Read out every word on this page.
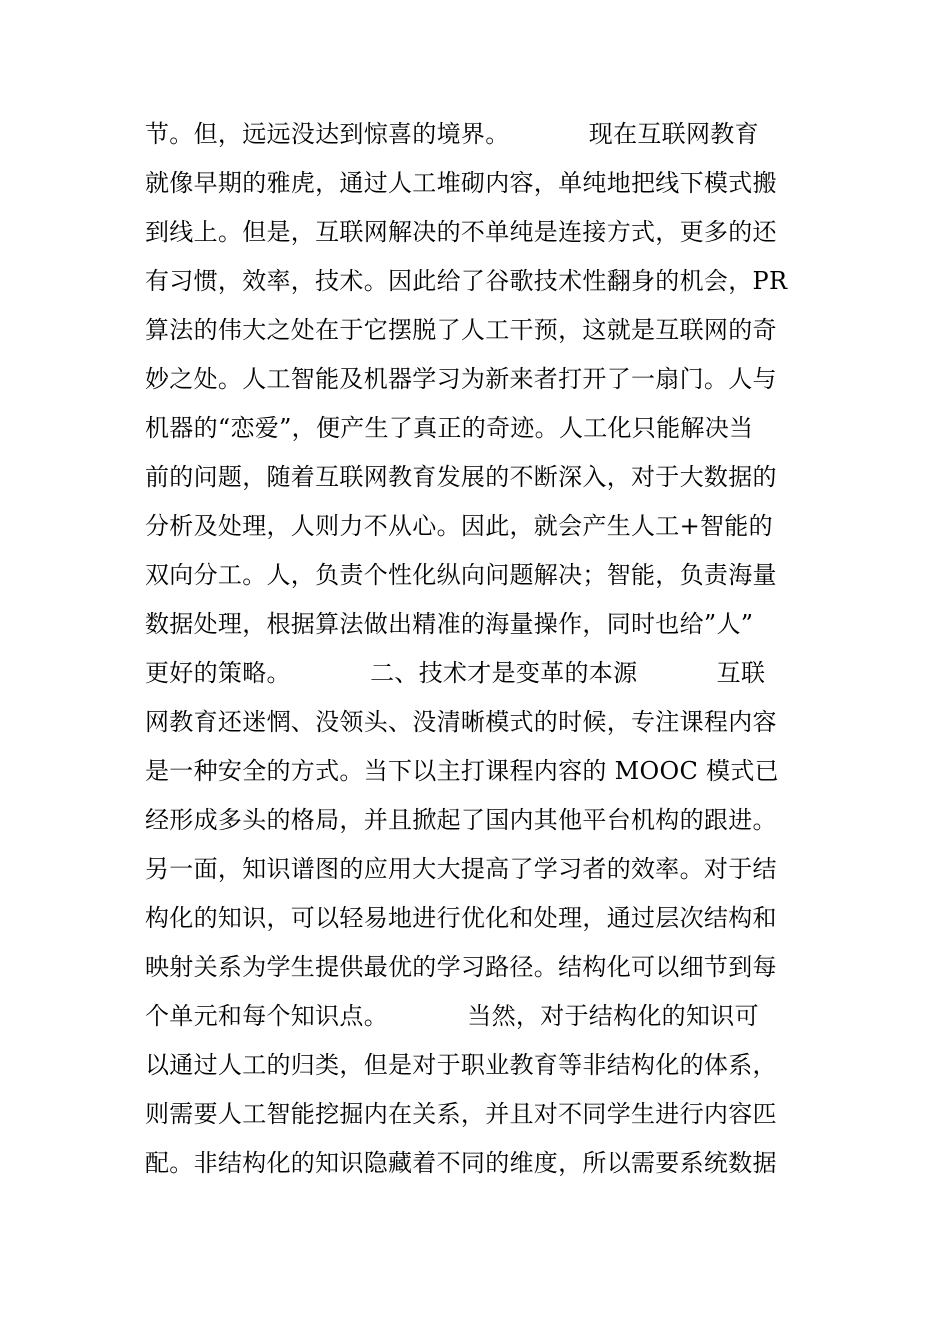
节。但，远远没达到惊喜的境界。          现在互联网教育
就像早期的雅虎，通过人工堆砌内容，单纯地把线下模式搬
到线上。但是，互联网解决的不单纯是连接方式，更多的还
有习惯，效率，技术。因此给了谷歌技术性翻身的机会，PR
算法的伟大之处在于它摆脱了人工干预，这就是互联网的奇
妙之处。人工智能及机器学习为新来者打开了一扇门。人与
机器的“恋爱”，便产生了真正的奇迹。人工化只能解决当
前的问题，随着互联网教育发展的不断深入，对于大数据的
分析及处理，人则力不从心。因此，就会产生人工+智能的
双向分工。人，负责个性化纵向问题解决；智能，负责海量
数据处理，根据算法做出精准的海量操作，同时也给”人”
更好的策略。          二、技术才是变革的本源          互联
网教育还迷惘、没领头、没清晰模式的时候，专注课程内容
是一种安全的方式。当下以主打课程内容的 MOOC 模式已
经形成多头的格局，并且掀起了国内其他平台机构的跟进。
另一面，知识谱图的应用大大提高了学习者的效率。对于结
构化的知识，可以轻易地进行优化和处理，通过层次结构和
映射关系为学生提供最优的学习路径。结构化可以细节到每
个单元和每个知识点。          当然，对于结构化的知识可
以通过人工的归类，但是对于职业教育等非结构化的体系，
则需要人工智能挖掘内在关系，并且对不同学生进行内容匹
配。非结构化的知识隐藏着不同的维度，所以需要系统数据
